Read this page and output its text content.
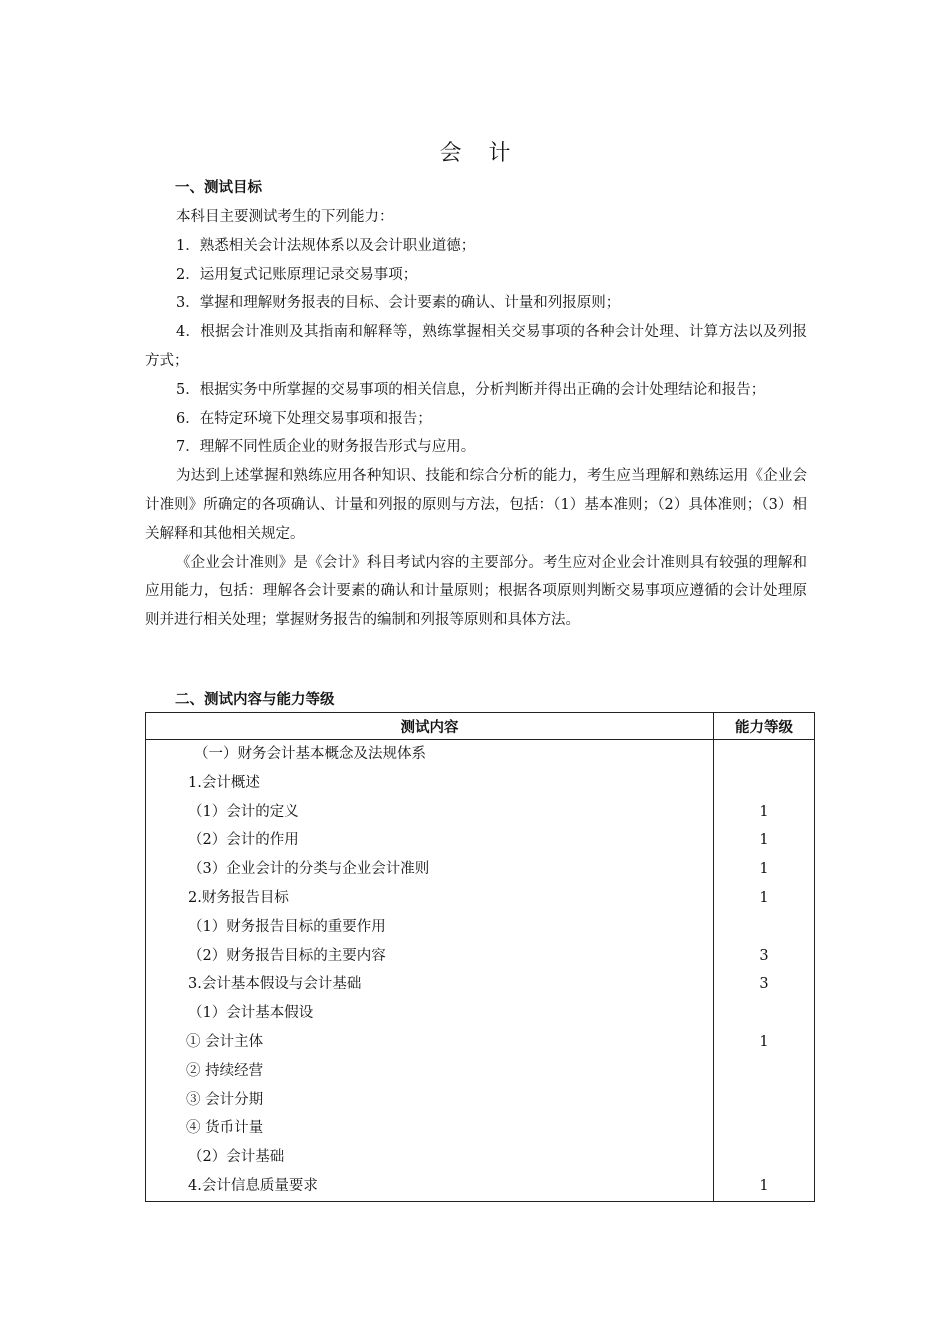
会 计
一、测试目标

本科目主要测试考生的下列能力：

1．熟悉相关会计法规体系以及会计职业道德；

2．运用复式记账原理记录交易事项；

3．掌握和理解财务报表的目标、会计要素的确认、计量和列报原则；

4．根据会计准则及其指南和解释等，熟练掌握相关交易事项的各种会计处理、计算方法以及列报方式；

5．根据实务中所掌握的交易事项的相关信息，分析判断并得出正确的会计处理结论和报告；

6．在特定环境下处理交易事项和报告；

7．理解不同性质企业的财务报告形式与应用。

为达到上述掌握和熟练应用各种知识、技能和综合分析的能力，考生应当理解和熟练运用《企业会计准则》所确定的各项确认、计量和列报的原则与方法，包括：（1）基本准则；（2）具体准则；（3）相关解释和其他相关规定。

《企业会计准则》是《会计》科目考试内容的主要部分。考生应对企业会计准则具有较强的理解和应用能力，包括：理解各会计要素的确认和计量原则；根据各项原则判断交易事项应遵循的会计处理原则并进行相关处理；掌握财务报告的编制和列报等原则和具体方法。

二、测试内容与能力等级
测试内容	能力等级
（一）财务会计基本概念及法规体系	
1.会计概述	
（1）会计的定义	1
（2）会计的作用	1
（3）企业会计的分类与企业会计准则	1
2.财务报告目标	1
（1）财务报告目标的重要作用	
（2）财务报告目标的主要内容	3
3.会计基本假设与会计基础	3
（1）会计基本假设	
① 会计主体	1
② 持续经营	
③ 会计分期	
④ 货币计量	
（2）会计基础	
4.会计信息质量要求	1
